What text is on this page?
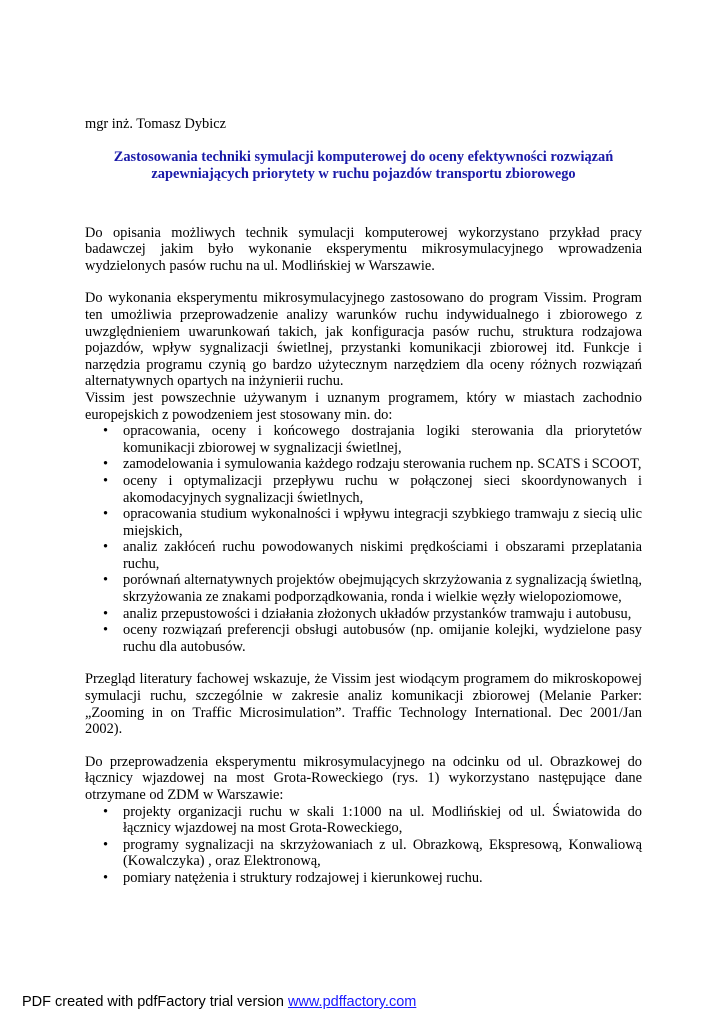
mgr inż. Tomasz Dybicz

Zastosowania techniki symulacji komputerowej do oceny efektywności rozwiązań
zapewniających priorytety w ruchu pojazdów transportu zbiorowego

Do opisania możliwych technik symulacji komputerowej wykorzystano przykład pracy badawczej jakim było wykonanie eksperymentu mikrosymulacyjnego wprowadzenia wydzielonych pasów ruchu na ul. Modlińskiej w Warszawie.

Do wykonania eksperymentu mikrosymulacyjnego zastosowano do program Vissim. Program ten umożliwia przeprowadzenie analizy warunków ruchu indywidualnego i zbiorowego z uwzględnieniem uwarunkowań takich, jak konfiguracja pasów ruchu, struktura rodzajowa pojazdów, wpływ sygnalizacji świetlnej, przystanki komunikacji zbiorowej itd. Funkcje i narzędzia programu czynią go bardzo użytecznym narzędziem dla oceny różnych rozwiązań alternatywnych opartych na inżynierii ruchu.

Vissim jest powszechnie używanym i uznanym programem, który w miastach zachodnio europejskich z powodzeniem jest stosowany min. do:

• opracowania, oceny i końcowego dostrajania logiki sterowania dla priorytetów komunikacji zbiorowej w sygnalizacji świetlnej,
• zamodelowania i symulowania każdego rodzaju sterowania ruchem np. SCATS i SCOOT,
• oceny i optymalizacji przepływu ruchu w połączonej sieci skoordynowanych i akomodacyjnych sygnalizacji świetlnych,
• opracowania studium wykonalności i wpływu integracji szybkiego tramwaju z siecią ulic miejskich,
• analiz zakłóceń ruchu powodowanych niskimi prędkościami i obszarami przeplatania ruchu,
• porównań alternatywnych projektów obejmujących skrzyżowania z sygnalizacją świetlną, skrzyżowania ze znakami podporządkowania, ronda i wielkie węzły wielopoziomowe,
• analiz przepustowości i działania złożonych układów przystanków tramwaju i autobusu,
• oceny rozwiązań preferencji obsługi autobusów (np. omijanie kolejki, wydzielone pasy ruchu dla autobusów.

Przegląd literatury fachowej wskazuje, że Vissim jest wiodącym programem do mikroskopowej symulacji ruchu, szczególnie w zakresie analiz komunikacji zbiorowej (Melanie Parker: „Zooming in on Traffic Microsimulation”. Traffic Technology International. Dec 2001/Jan 2002).

Do przeprowadzenia eksperymentu mikrosymulacyjnego na odcinku od ul. Obrazkowej do łącznicy wjazdowej na most Grota-Roweckiego (rys. 1) wykorzystano następujące dane otrzymane od ZDM w Warszawie:

• projekty organizacji ruchu w skali 1:1000 na ul. Modlińskiej od ul. Światowida do łącznicy wjazdowej na most Grota-Roweckiego,
• programy sygnalizacji na skrzyżowaniach z ul. Obrazkową, Ekspresową, Konwaliową (Kowalczyka) , oraz Elektronową,
• pomiary natężenia i struktury rodzajowej i kierunkowej ruchu.
PDF created with pdfFactory trial version www.pdffactory.com
